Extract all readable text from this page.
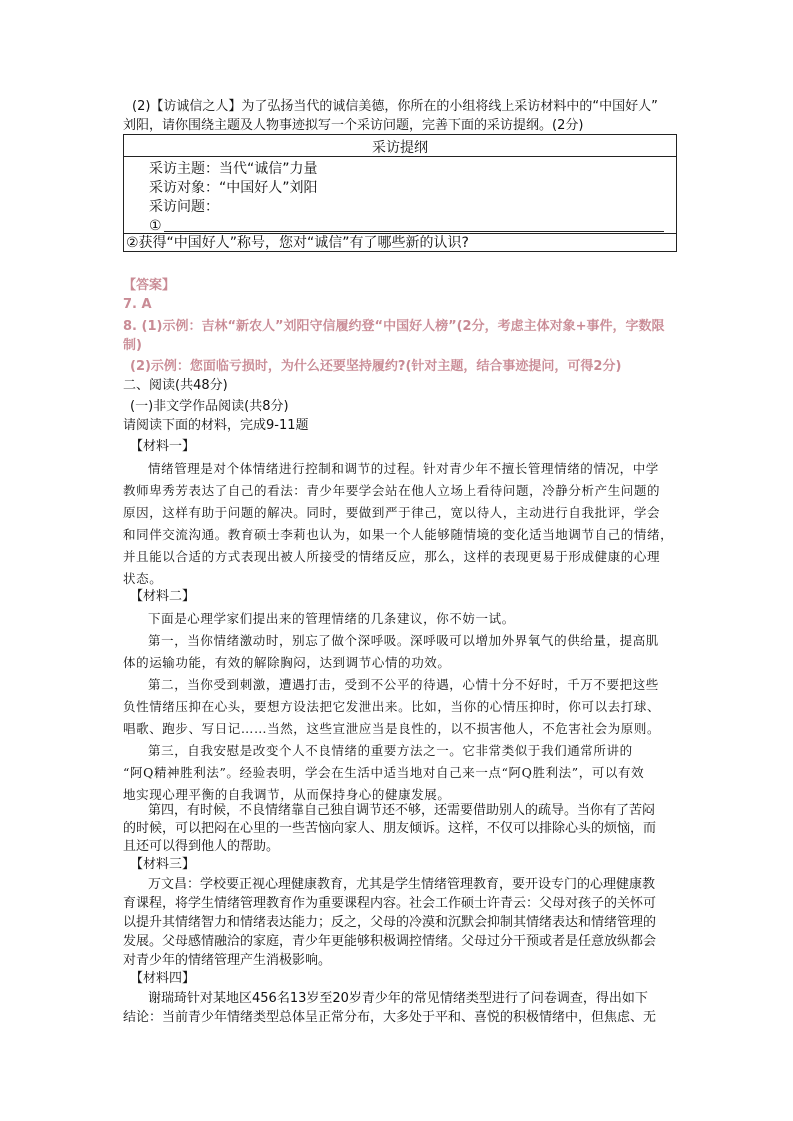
(2)【访诚信之人】为了弘扬当代的诚信美德，你所在的小组将线上采访材料中的“中国好人”
刘阳，请你围绕主题及人物事迹拟写一个采访问题，完善下面的采访提纲。(2分)
采访提纲
采访主题：当代“诚信”力量
采访对象：“中国好人”刘阳
采访问题：
①
②获得“中国好人”称号，您对“诚信”有了哪些新的认识?
【答案】
7. A
8. (1)示例：吉林“新农人”刘阳守信履约登“中国好人榜”(2分，考虑主体对象+事件，字数限
制)
(2)示例：您面临亏损时，为什么还要坚持履约?(针对主题，结合事迹提问，可得2分)
二、阅读(共48分)
(一)非文学作品阅读(共8分)
请阅读下面的材料，完成9-11题
【材料一】
情绪管理是对个体情绪进行控制和调节的过程。针对青少年不擅长管理情绪的情况，中学
教师卑秀芳表达了自己的看法：青少年要学会站在他人立场上看待问题，冷静分析产生问题的
原因，这样有助于问题的解决。同时，要做到严于律己，宽以待人，主动进行自我批评，学会
和同伴交流沟通。教育硕士李莉也认为，如果一个人能够随情境的变化适当地调节自己的情绪，
并且能以合适的方式表现出被人所接受的情绪反应，那么，这样的表现更易于形成健康的心理
状态。
【材料二】
下面是心理学家们提出来的管理情绪的几条建议，你不妨一试。
第一，当你情绪激动时，别忘了做个深呼吸。深呼吸可以增加外界氧气的供给量，提高肌
体的运输功能，有效的解除胸闷，达到调节心情的功效。
第二，当你受到刺激，遭遇打击，受到不公平的待遇，心情十分不好时，千万不要把这些
负性情绪压抑在心头，要想方设法把它发泄出来。比如，当你的心情压抑时，你可以去打球、
唱歌、跑步、写日记……当然，这些宣泄应当是良性的，以不损害他人，不危害社会为原则。
第三，自我安慰是改变个人不良情绪的重要方法之一。它非常类似于我们通常所讲的
“阿Q精神胜利法”。经验表明，学会在生活中适当地对自己来一点“阿Q胜利法”，可以有效
地实现心理平衡的自我调节，从而保持身心的健康发展。
第四，有时候，不良情绪靠自己独自调节还不够，还需要借助别人的疏导。当你有了苦闷
的时候，可以把闷在心里的一些苦恼向家人、朋友倾诉。这样，不仅可以排除心头的烦恼，而
且还可以得到他人的帮助。
【材料三】
万文昌：学校要正视心理健康教育，尤其是学生情绪管理教育，要开设专门的心理健康教
育课程，将学生情绪管理教育作为重要课程内容。社会工作硕士许青云：父母对孩子的关怀可
以提升其情绪智力和情绪表达能力；反之，父母的冷漠和沉默会抑制其情绪表达和情绪管理的
发展。父母感情融洽的家庭，青少年更能够积极调控情绪。父母过分干预或者是任意放纵都会
对青少年的情绪管理产生消极影响。
【材料四】
谢瑞琦针对某地区456名13岁至20岁青少年的常见情绪类型进行了问卷调查，得出如下
结论：当前青少年情绪类型总体呈正常分布，大多处于平和、喜悦的积极情绪中，但焦虑、无
